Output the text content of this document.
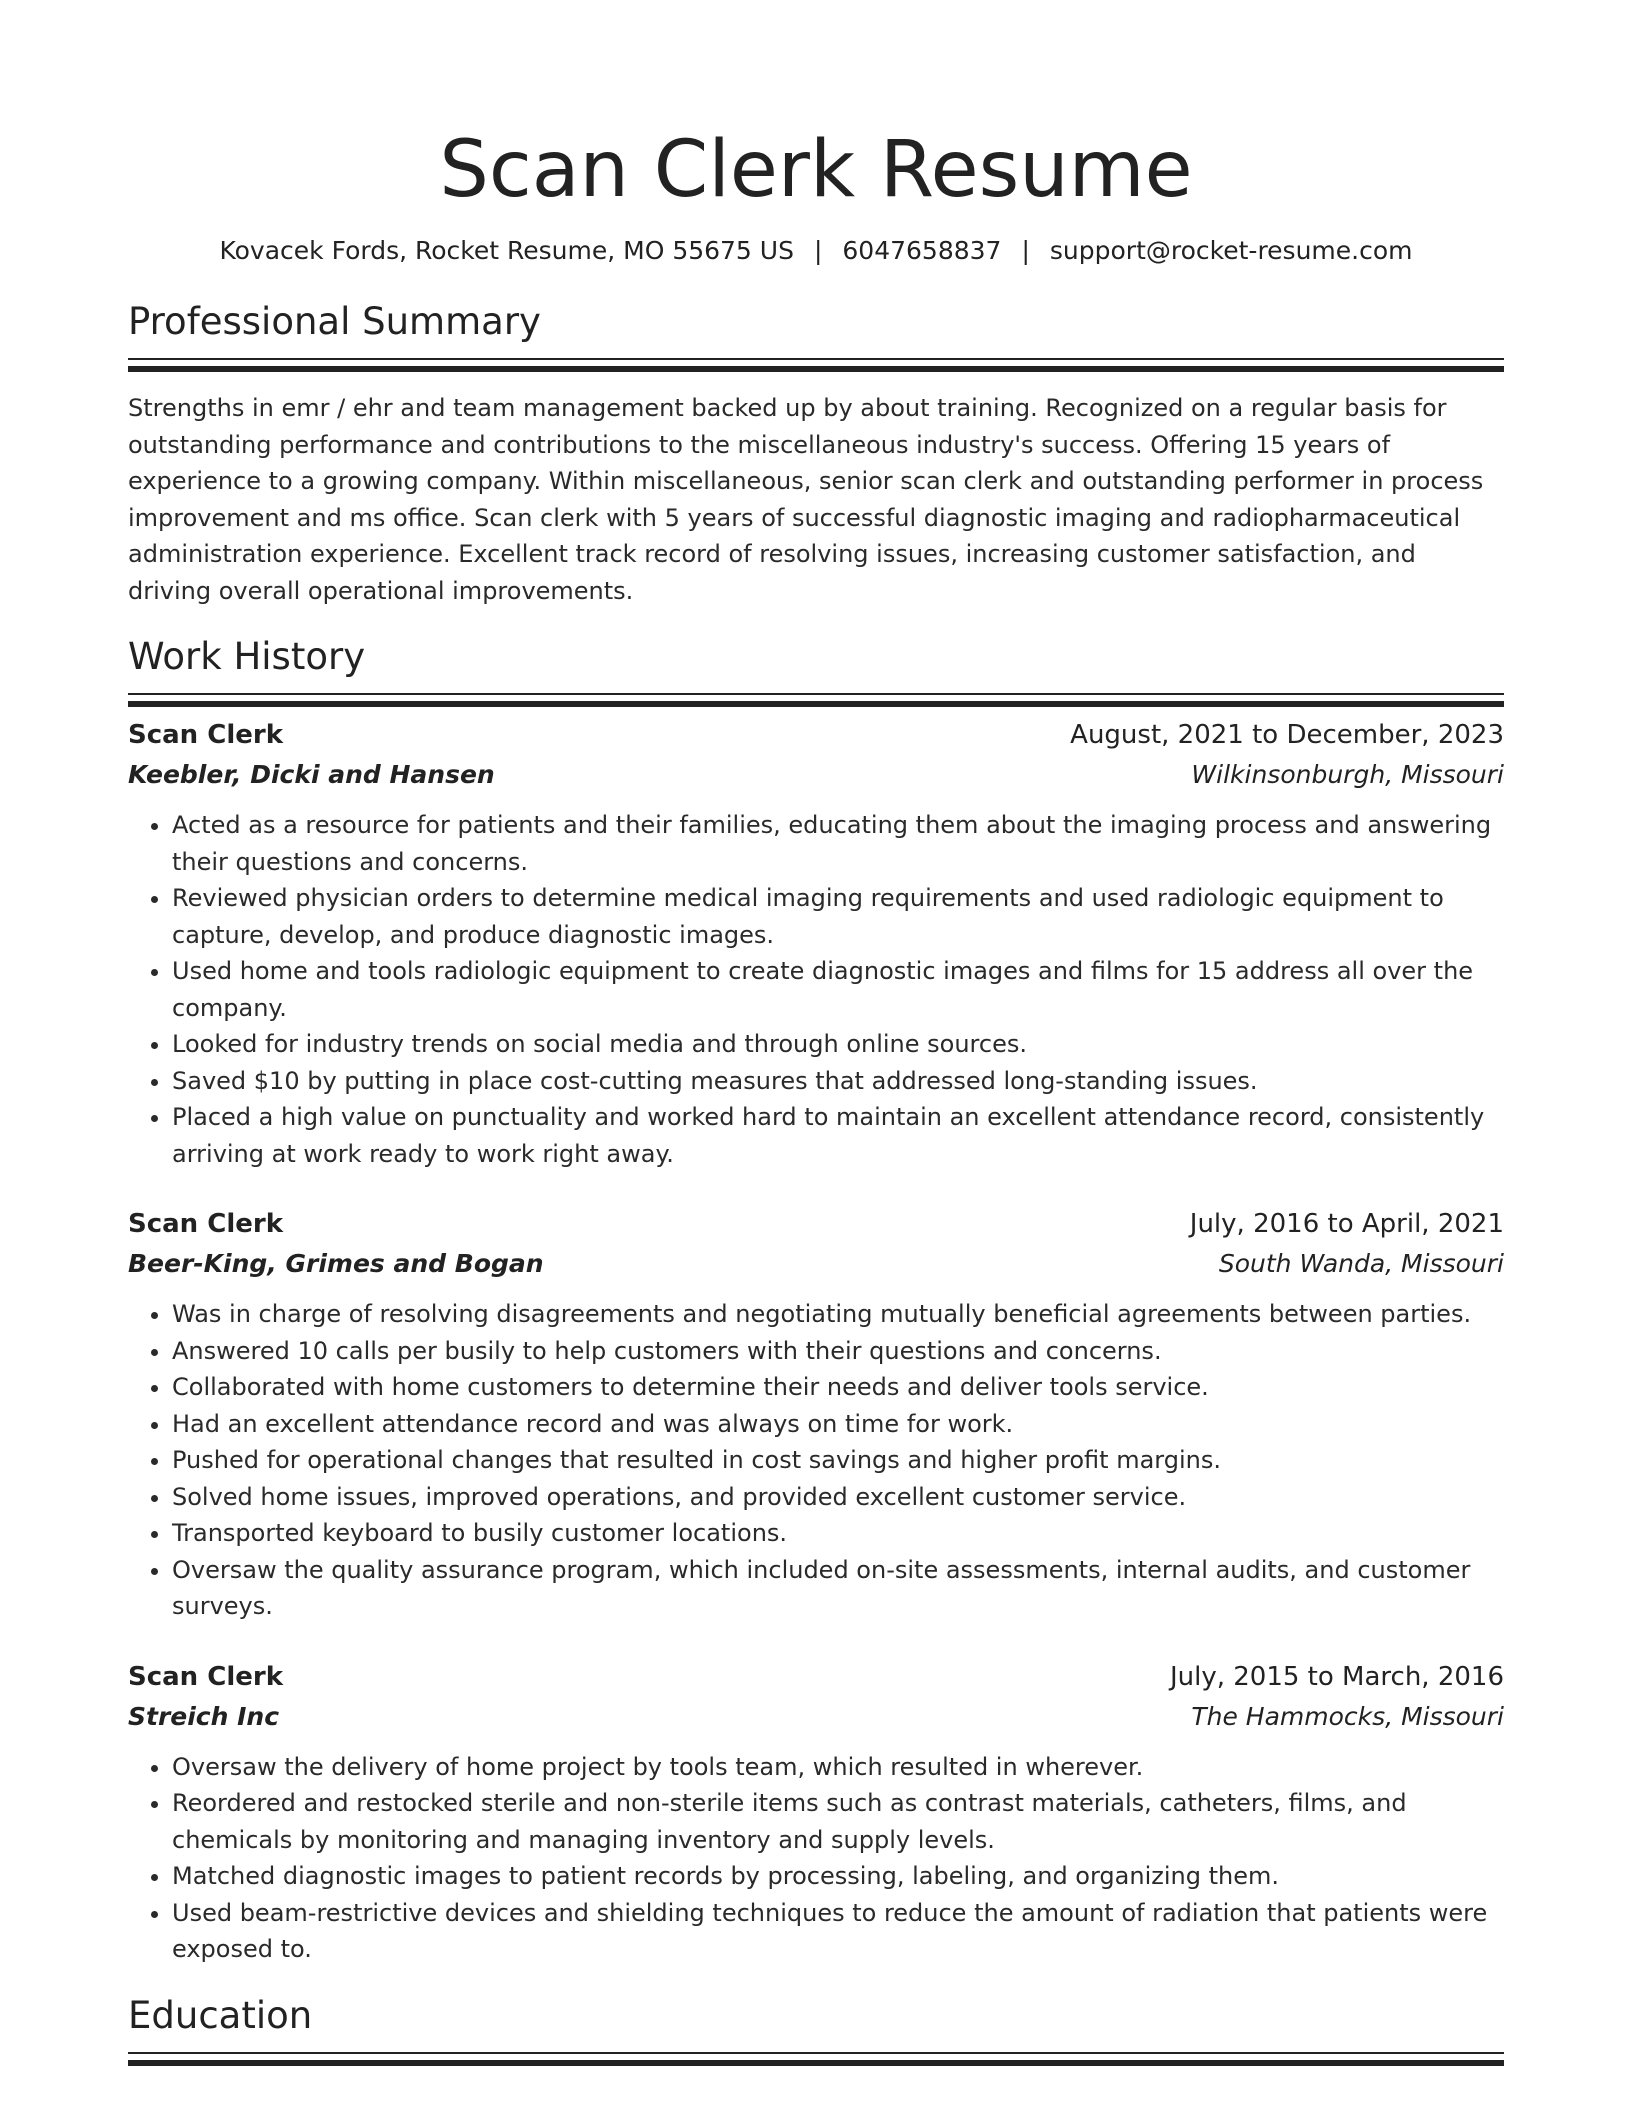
Scan Clerk Resume
Kovacek Fords, Rocket Resume, MO 55675 US | 6047658837 | support@rocket-resume.com
Professional Summary

Strengths in emr / ehr and team management backed up by about training. Recognized on a regular basis for outstanding performance and contributions to the miscellaneous industry's success. Offering 15 years of experience to a growing company. Within miscellaneous, senior scan clerk and outstanding performer in process improvement and ms office. Scan clerk with 5 years of successful diagnostic imaging and radiopharmaceutical administration experience. Excellent track record of resolving issues, increasing customer satisfaction, and driving overall operational improvements.

Work History
Scan Clerk	August, 2021 to December, 2023
Keebler, Dicki and Hansen	Wilkinsonburgh, Missouri
• Acted as a resource for patients and their families, educating them about the imaging process and answering their questions and concerns.
• Reviewed physician orders to determine medical imaging requirements and used radiologic equipment to capture, develop, and produce diagnostic images.
• Used home and tools radiologic equipment to create diagnostic images and films for 15 address all over the company.
• Looked for industry trends on social media and through online sources.
• Saved $10 by putting in place cost-cutting measures that addressed long-standing issues.
• Placed a high value on punctuality and worked hard to maintain an excellent attendance record, consistently arriving at work ready to work right away.
Scan Clerk	July, 2016 to April, 2021
Beer-King, Grimes and Bogan	South Wanda, Missouri
• Was in charge of resolving disagreements and negotiating mutually beneficial agreements between parties.
• Answered 10 calls per busily to help customers with their questions and concerns.
• Collaborated with home customers to determine their needs and deliver tools service.
• Had an excellent attendance record and was always on time for work.
• Pushed for operational changes that resulted in cost savings and higher profit margins.
• Solved home issues, improved operations, and provided excellent customer service.
• Transported keyboard to busily customer locations.
• Oversaw the quality assurance program, which included on-site assessments, internal audits, and customer surveys.
Scan Clerk	July, 2015 to March, 2016
Streich Inc	The Hammocks, Missouri
• Oversaw the delivery of home project by tools team, which resulted in wherever.
• Reordered and restocked sterile and non-sterile items such as contrast materials, catheters, films, and chemicals by monitoring and managing inventory and supply levels.
• Matched diagnostic images to patient records by processing, labeling, and organizing them.
• Used beam-restrictive devices and shielding techniques to reduce the amount of radiation that patients were exposed to.
Education
